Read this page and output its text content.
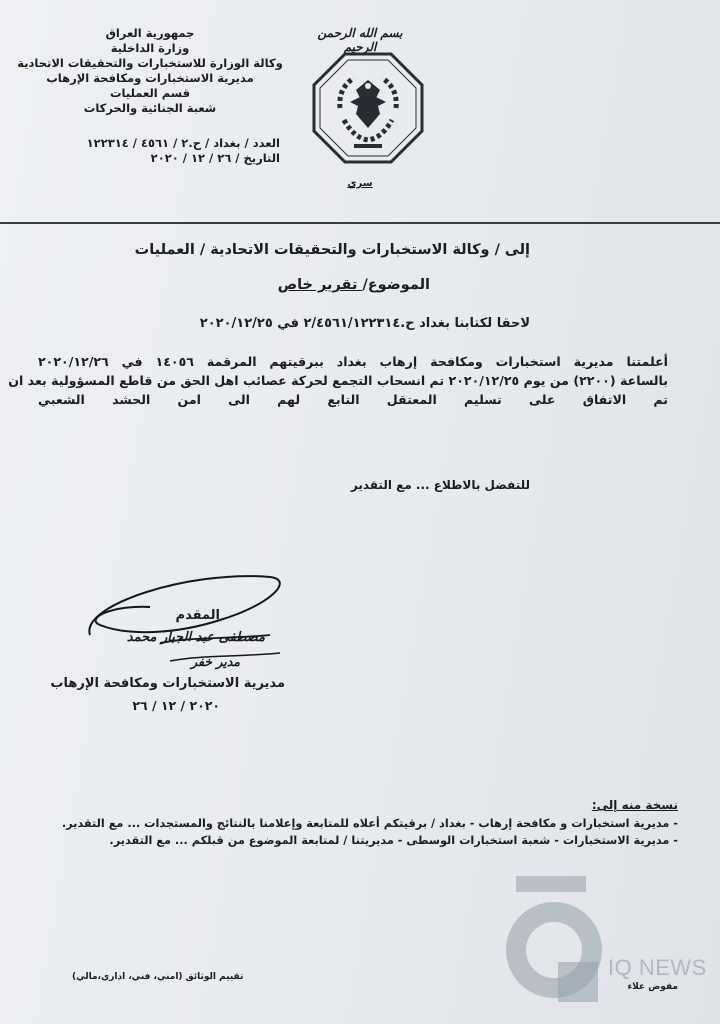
جمهورية العراق
وزارة الداخلية
وكالة الوزارة للاستخبارات والتحقيقات الاتحادية
مديرية الاستخبارات ومكافحة الإرهاب
قسم العمليات
شعبة الجنائية والحركات
العدد / بغداد / ح.٢ / ٤٥٦١ / ١٢٢٣١٤
التاريخ / ٢٦ / ١٢ / ٢٠٢٠
بسم الله الرحمن الرحيم
سري
إلى / وكالة الاستخبارات والتحقيقات الاتحادية / العمليات
الموضوع/ تقرير خاص
لاحقا لكتابنا بغداد ح.٢/٤٥٦١/١٢٢٣١٤ في ٢٠٢٠/١٢/٢٥
أعلمتنا مديرية استخبارات ومكافحة إرهاب بغداد ببرقيتهم المرقمة ١٤٠٥٦ في ٢٠٢٠/١٢/٢٦
بالساعة (٢٢٠٠) من يوم ٢٠٢٠/١٢/٢٥ تم انسحاب التجمع لحركة عصائب اهل الحق من قاطع المسؤولية بعد ان
تم الاتفاق على تسليم المعتقل التابع لهم الى امن الحشد الشعبي
للتفضل بالاطلاع ... مع التقدير
المقدم
مصطفى عبد الجبار محمد
مدير خفر
مديرية الاستخبارات ومكافحة الإرهاب
٢٠٢٠ / ١٢ / ٢٦
نسخة منه إلى:
- مديرية استخبارات و مكافحة إرهاب - بغداد / برقيتكم أعلاه للمتابعة وإعلامنا بالنتائج والمستجدات ... مع التقدير.
- مديرية الاستخبارات - شعبة استخبارات الوسطى - مديريتنا / لمتابعة الموضوع من قبلكم ... مع التقدير.
تقييم الوثائق (امني، فني، اداري،مالي)
مفوض علاء
IQ NEWS
